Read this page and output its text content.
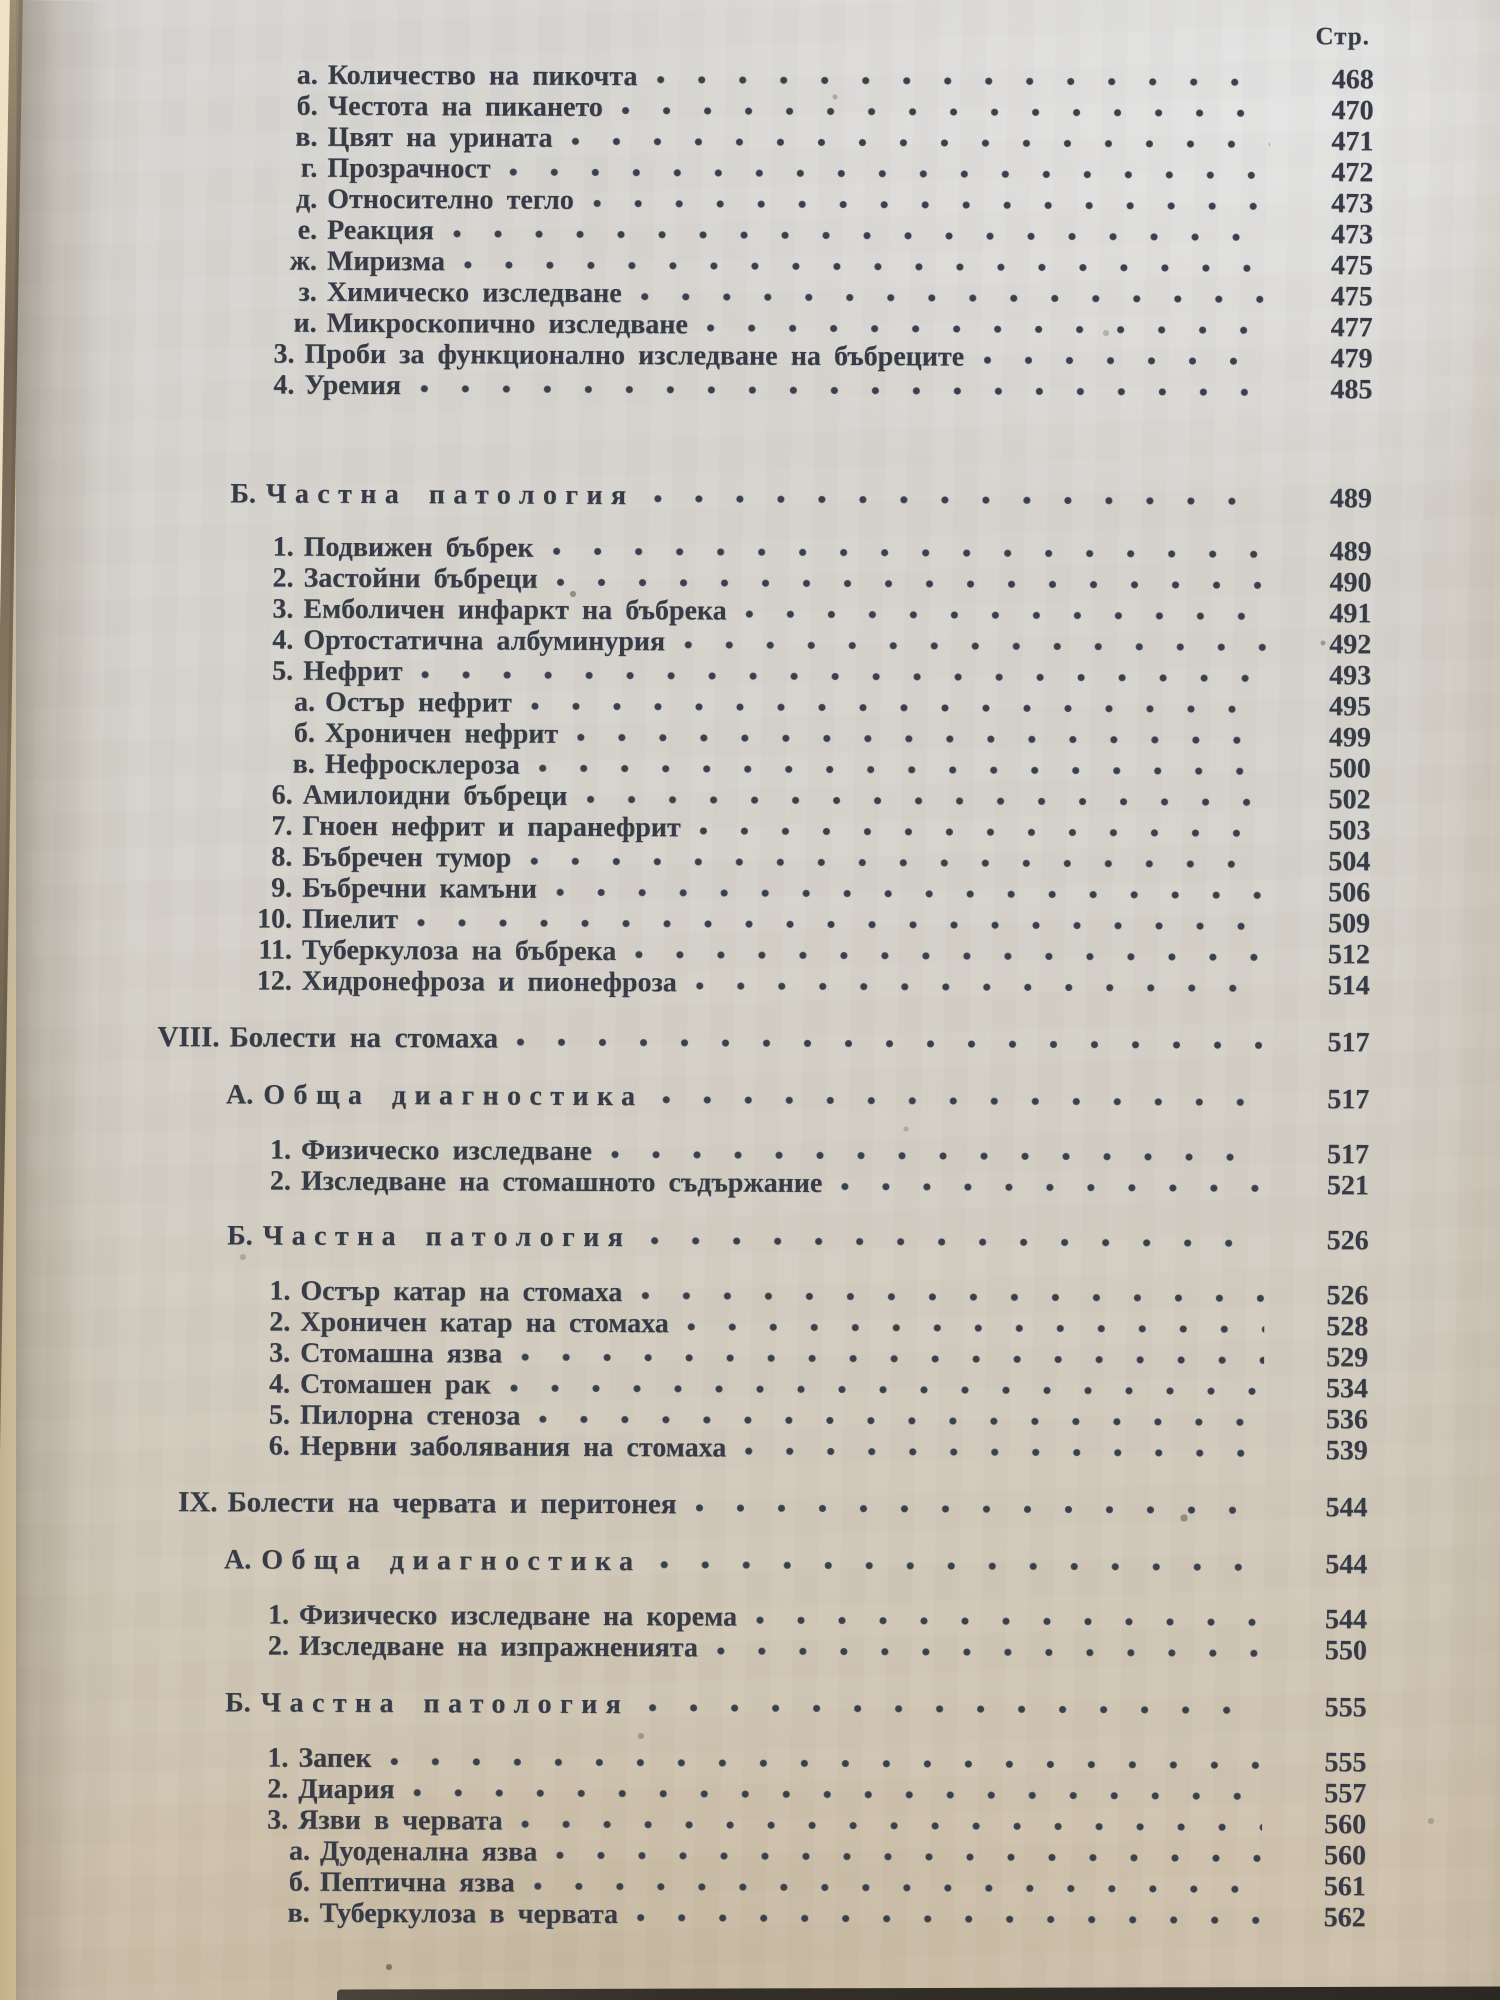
Стр.
а. Количество на пикочта	468
б. Честота на пикането	470
в. Цвят на урината	471
г. Прозрачност	472
д. Относително тегло	473
е. Реакция	473
ж. Миризма	475
з. Химическо изследване	475
и. Микроскопично изследване	477
3. Проби за функционално изследване на бъбреците	479
4. Уремия	485
Б. Частна патология	489
1. Подвижен бъбрек	489
2. Застойни бъбреци	490
3. Емболичен инфаркт на бъбрека	491
4. Ортостатична албуминурия	492
5. Нефрит	493
а. Остър нефрит	495
б. Хроничен нефрит	499
в. Нефросклероза	500
6. Амилоидни бъбреци	502
7. Гноен нефрит и паранефрит	503
8. Бъбречен тумор	504
9. Бъбречни камъни	506
10. Пиелит	509
11. Туберкулоза на бъбрека	512
12. Хидронефроза и пионефроза	514
VIII. Болести на стомаха	517
А. Обща диагностика	517
1. Физическо изследване	517
2. Изследване на стомашното съдържание	521
Б. Частна патология	526
1. Остър катар на стомаха	526
2. Хроничен катар на стомаха	528
3. Стомашна язва	529
4. Стомашен рак	534
5. Пилорна стеноза	536
6. Нервни заболявания на стомаха	539
IX. Болести на червата и перитонея	544
А. Обща диагностика	544
1. Физическо изследване на корема	544
2. Изследване на изпражненията	550
Б. Частна патология	555
1. Запек	555
2. Диария	557
3. Язви в червата	560
а. Дуоденална язва	560
б. Пептична язва	561
в. Туберкулоза в червата	562
